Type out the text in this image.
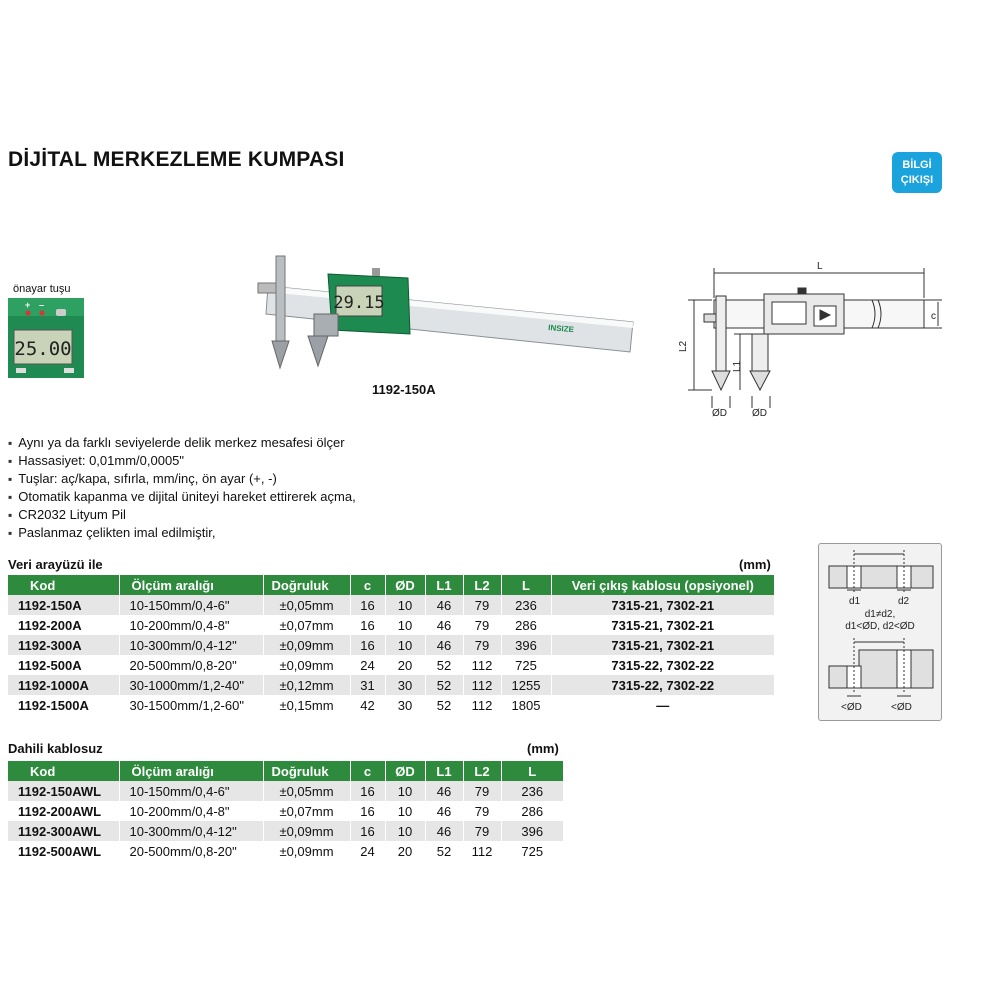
DİJİTAL MERKEZLEME KUMPASI	BİLGİ
ÇIKIŞI
önayar tuşu
+ –
25.00
29.15
INSIZE
1192-150A
L
c
L2
L1
ØD	ØD
▪ Aynı ya da farklı seviyelerde delik merkez mesafesi ölçer
▪ Hassasiyet: 0,01mm/0,0005"
▪ Tuşlar: aç/kapa, sıfırla, mm/inç, ön ayar (+, -)
▪ Otomatik kapanma ve dijital üniteyi hareket ettirerek açma,
▪ CR2032 Lityum Pil
▪ Paslanmaz çelikten imal edilmiştir,
Veri arayüzü ile	(mm)
Kod	Ölçüm aralığı	Doğruluk	c	ØD	L1	L2	L	Veri çıkış kablosu (opsiyonel)
1192-150A	10-150mm/0,4-6"	±0,05mm	16	10	46	79	236	7315-21, 7302-21
1192-200A	10-200mm/0,4-8"	±0,07mm	16	10	46	79	286	7315-21, 7302-21
1192-300A	10-300mm/0,4-12"	±0,09mm	16	10	46	79	396	7315-21, 7302-21
1192-500A	20-500mm/0,8-20"	±0,09mm	24	20	52	112	725	7315-22, 7302-22
1192-1000A	30-1000mm/1,2-40"	±0,12mm	31	30	52	112	1255	7315-22, 7302-22
1192-1500A	30-1500mm/1,2-60"	±0,15mm	42	30	52	112	1805	—
d1	d2
d1≠d2,
d1<ØD, d2<ØD
<ØD	<ØD
Dahili kablosuz	(mm)
Kod	Ölçüm aralığı	Doğruluk	c	ØD	L1	L2	L
1192-150AWL	10-150mm/0,4-6"	±0,05mm	16	10	46	79	236
1192-200AWL	10-200mm/0,4-8"	±0,07mm	16	10	46	79	286
1192-300AWL	10-300mm/0,4-12"	±0,09mm	16	10	46	79	396
1192-500AWL	20-500mm/0,8-20"	±0,09mm	24	20	52	112	725
